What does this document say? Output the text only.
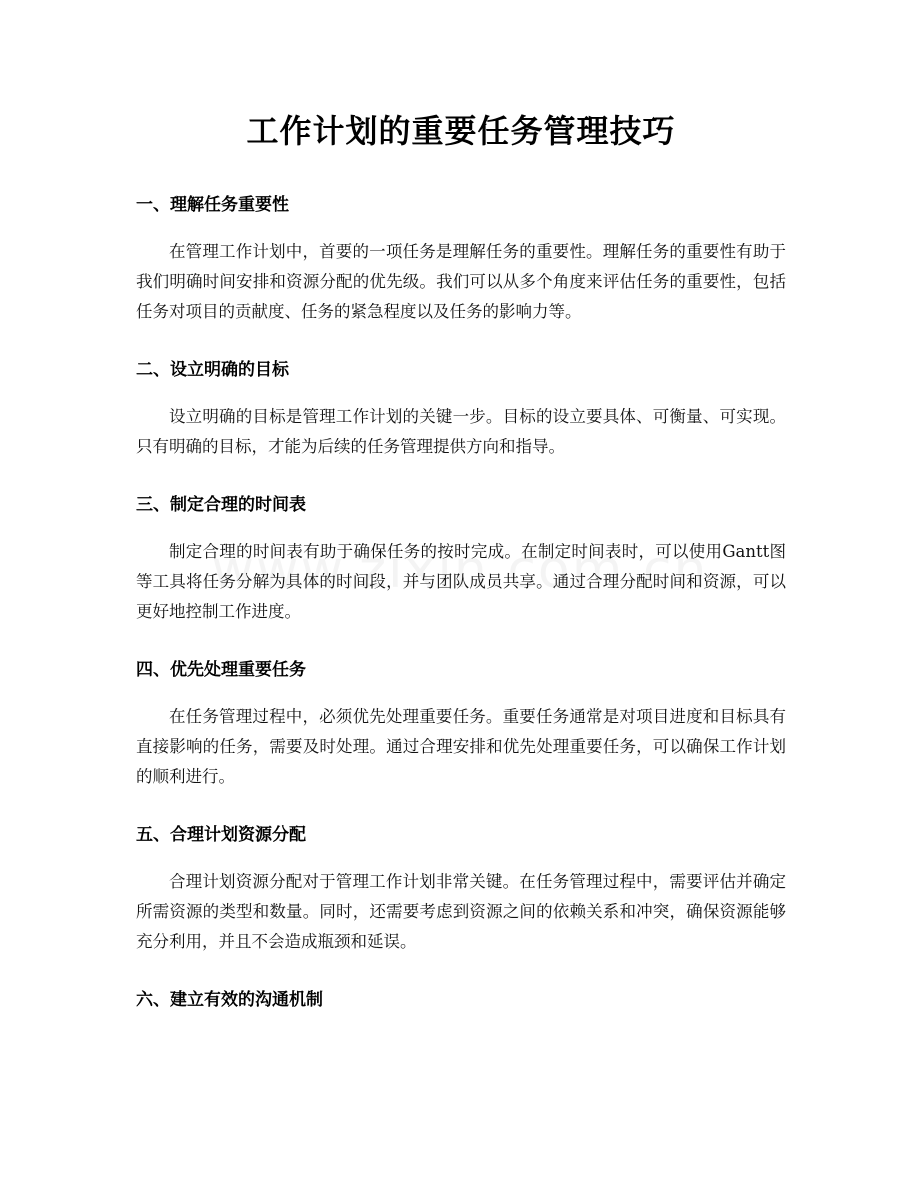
工作计划的重要任务管理技巧
一、理解任务重要性

在管理工作计划中，首要的一项任务是理解任务的重要性。理解任务的重要性有助于我们明确时间安排和资源分配的优先级。我们可以从多个角度来评估任务的重要性，包括任务对项目的贡献度、任务的紧急程度以及任务的影响力等。

二、设立明确的目标

设立明确的目标是管理工作计划的关键一步。目标的设立要具体、可衡量、可实现。只有明确的目标，才能为后续的任务管理提供方向和指导。

三、制定合理的时间表

制定合理的时间表有助于确保任务的按时完成。在制定时间表时，可以使用Gantt图等工具将任务分解为具体的时间段，并与团队成员共享。通过合理分配时间和资源，可以更好地控制工作进度。

四、优先处理重要任务

在任务管理过程中，必须优先处理重要任务。重要任务通常是对项目进度和目标具有直接影响的任务，需要及时处理。通过合理安排和优先处理重要任务，可以确保工作计划的顺利进行。

五、合理计划资源分配

合理计划资源分配对于管理工作计划非常关键。在任务管理过程中，需要评估并确定所需资源的类型和数量。同时，还需要考虑到资源之间的依赖关系和冲突，确保资源能够充分利用，并且不会造成瓶颈和延误。

六、建立有效的沟通机制
